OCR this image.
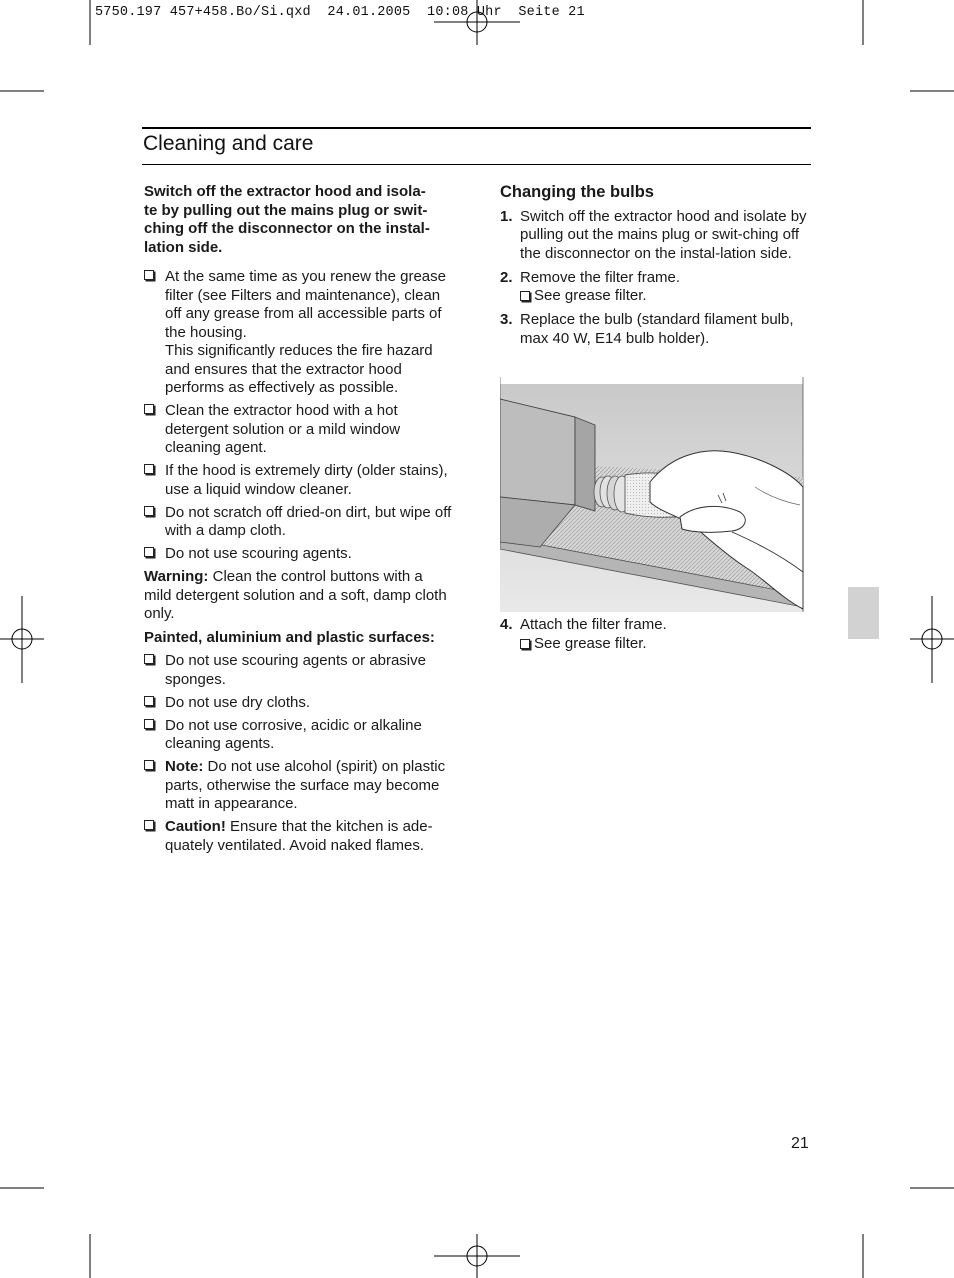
5750.197 457+458.Bo/Si.qxd  24.01.2005  10:08 Uhr  Seite 21
Cleaning and care
Switch off the extractor hood and isola-
te by pulling out the mains plug or swit-
ching off the disconnector on the instal-
lation side.
At the same time as you renew the grease filter (see Filters and maintenance), clean off any grease from all accessible parts of the housing.
This significantly reduces the fire hazard and ensures that the extractor hood performs as effectively as possible.
Clean the extractor hood with a hot detergent solution or a mild window cleaning agent.
If the hood is extremely dirty (older stains), use a liquid window cleaner.
Do not scratch off dried-on dirt, but wipe off with a damp cloth.
Do not use scouring agents.
Warning: Clean the control buttons with a mild detergent solution and a soft, damp cloth only.
Painted, aluminium and plastic surfaces:
Do not use scouring agents or abrasive sponges.
Do not use dry cloths.
Do not use corrosive, acidic or alkaline cleaning agents.
Note: Do not use alcohol (spirit) on plastic parts, otherwise the surface may become matt in appearance.
Caution! Ensure that the kitchen is ade-quately ventilated. Avoid naked flames.
Changing the bulbs
1. Switch off the extractor hood and isolate by pulling out the mains plug or swit-ching off the disconnector on the instal-lation side.
2. Remove the filter frame.
See grease filter.
3. Replace the bulb (standard filament bulb, max 40 W, E14 bulb holder).
4. Attach the filter frame.
See grease filter.
21
